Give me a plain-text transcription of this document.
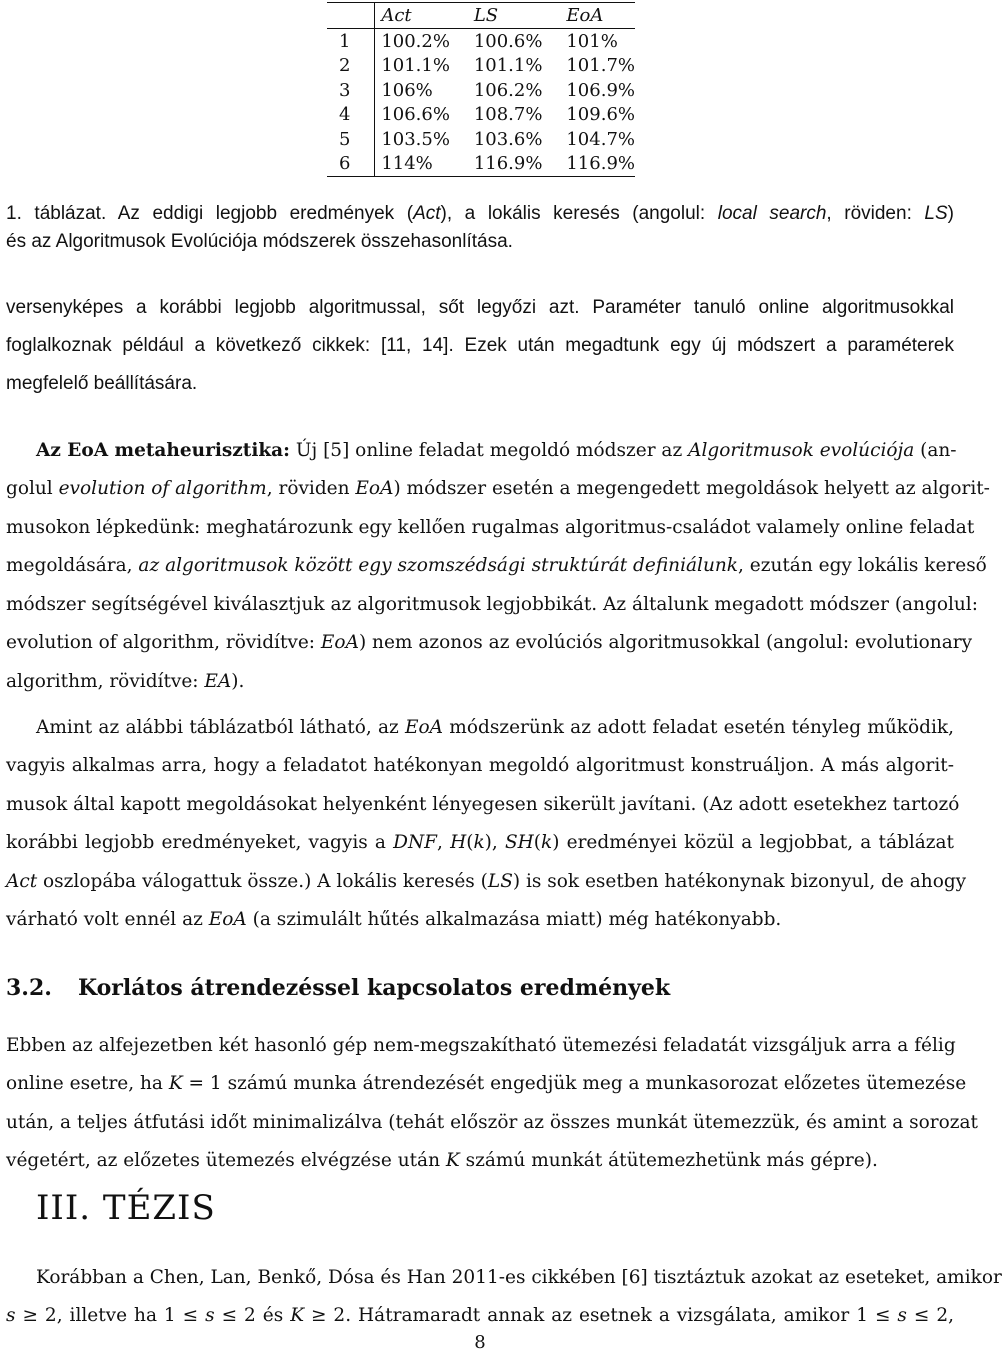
	Act	LS	EoA
1	100.2%	100.6%	101%
2	101.1%	101.1%	101.7%
3	106%	106.2%	106.9%
4	106.6%	108.7%	109.6%
5	103.5%	103.6%	104.7%
6	114%	116.9%	116.9%
1. táblázat. Az eddigi legjobb eredmények (Act), a lokális keresés (angolul: local search, röviden: LS)
és az Algoritmusok Evolúciója módszerek összehasonlítása.
versenyképes a korábbi legjobb algoritmussal, sőt legyőzi azt. Paraméter tanuló online algoritmusokkal
foglalkoznak például a következő cikkek: [11, 14]. Ezek után megadtunk egy új módszert a paraméterek
megfelelő beállítására.
Az EoA metaheurisztika: Új [5] online feladat megoldó módszer az Algoritmusok evolúciója (an-
golul evolution of algorithm, röviden EoA) módszer esetén a megengedett megoldások helyett az algorit-
musokon lépkedünk: meghatározunk egy kellően rugalmas algoritmus-családot valamely online feladat
megoldására, az algoritmusok között egy szomszédsági struktúrát definiálunk, ezután egy lokális kereső
módszer segítségével kiválasztjuk az algoritmusok legjobbikát. Az általunk megadott módszer (angolul:
evolution of algorithm, rövidítve: EoA) nem azonos az evolúciós algoritmusokkal (angolul: evolutionary
algorithm, rövidítve: EA).
Amint az alábbi táblázatból látható, az EoA módszerünk az adott feladat esetén tényleg működik,
vagyis alkalmas arra, hogy a feladatot hatékonyan megoldó algoritmust konstruáljon. A más algorit-
musok által kapott megoldásokat helyenként lényegesen sikerült javítani. (Az adott esetekhez tartozó
korábbi legjobb eredményeket, vagyis a DNF, H(k), SH(k) eredményei közül a legjobbat, a táblázat
Act oszlopába válogattuk össze.) A lokális keresés (LS) is sok esetben hatékonynak bizonyul, de ahogy
várható volt ennél az EoA (a szimulált hűtés alkalmazása miatt) még hatékonyabb.
3.2. Korlátos átrendezéssel kapcsolatos eredmények
Ebben az alfejezetben két hasonló gép nem-megszakítható ütemezési feladatát vizsgáljuk arra a félig
online esetre, ha K = 1 számú munka átrendezését engedjük meg a munkasorozat előzetes ütemezése
után, a teljes átfutási időt minimalizálva (tehát először az összes munkát ütemezzük, és amint a sorozat
végetért, az előzetes ütemezés elvégzése után K számú munkát átütemezhetünk más gépre).
III. TÉZIS
Korábban a Chen, Lan, Benkő, Dósa és Han 2011-es cikkében [6] tisztáztuk azokat az eseteket, amikor
s ≥ 2, illetve ha 1 ≤ s ≤ 2 és K ≥ 2. Hátramaradt annak az esetnek a vizsgálata, amikor 1 ≤ s ≤ 2,
8
